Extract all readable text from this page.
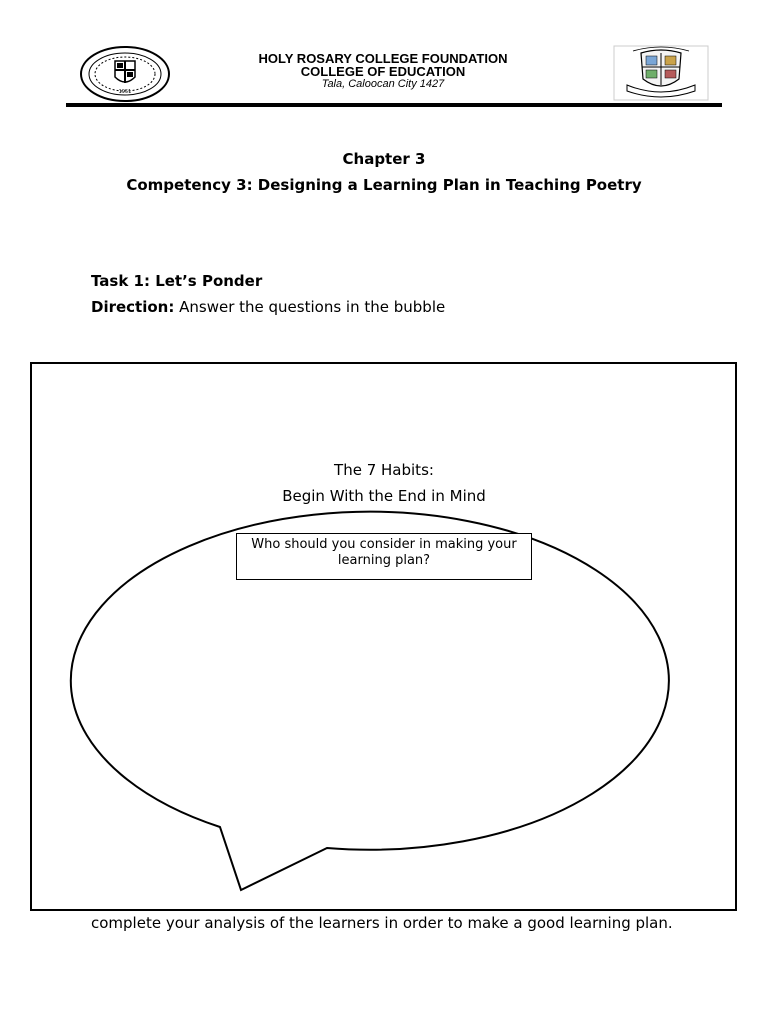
1951
HOLY ROSARY COLLEGE FOUNDATION
COLLEGE OF EDUCATION
Tala, Caloocan City 1427
Chapter 3
Competency 3: Designing a Learning Plan in Teaching Poetry
Task 1: Let’s Ponder
Direction: Answer the questions in the bubble
The 7 Habits:
Begin With the End in Mind
Who should you consider in making your learning plan?
complete your analysis of the learners in order to make a good learning plan.
